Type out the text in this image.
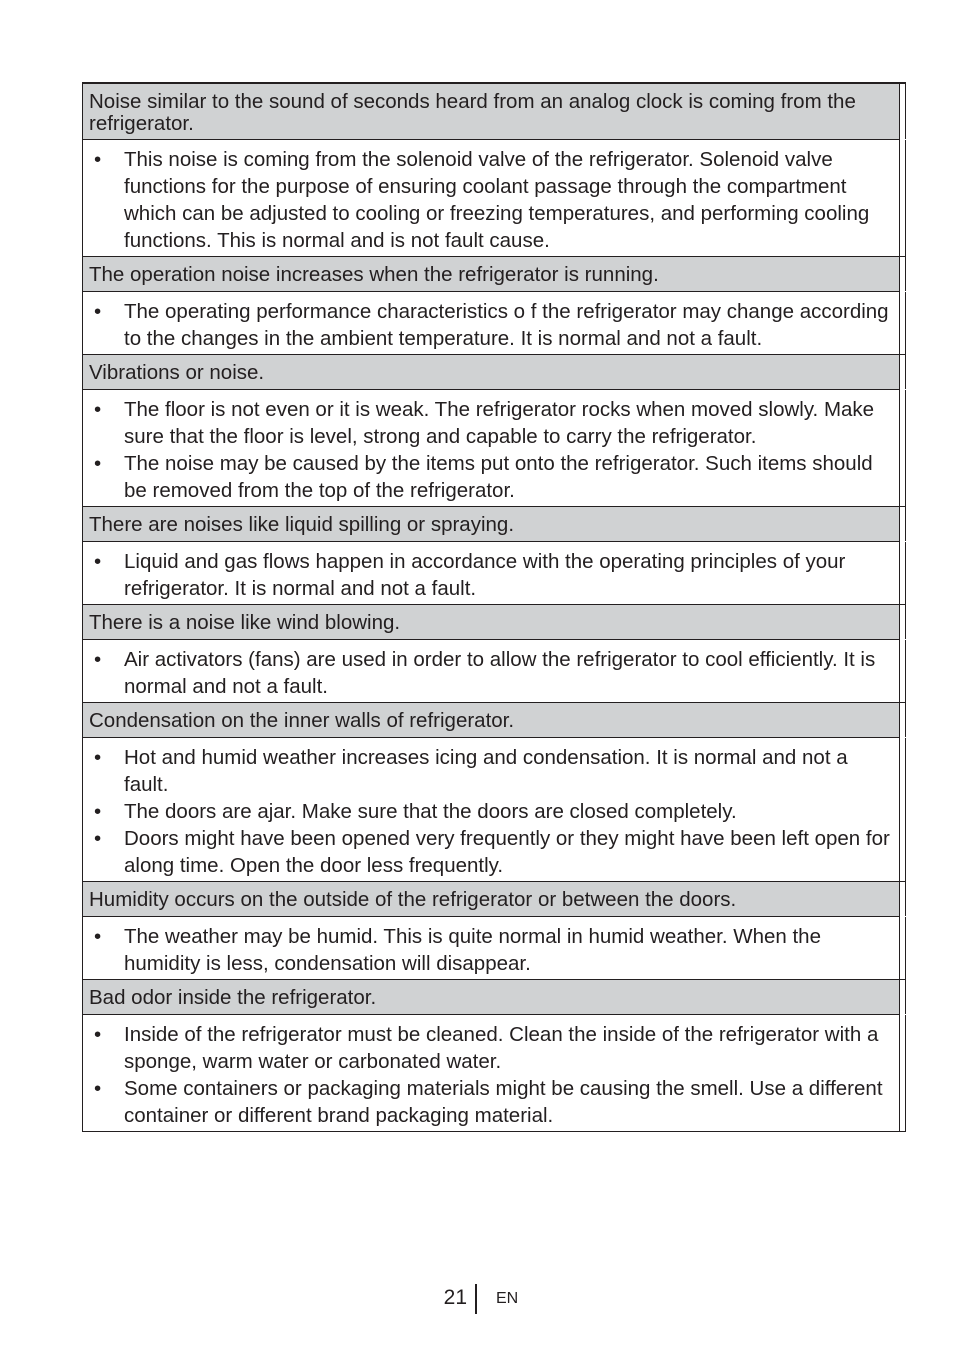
Noise similar to the sound of seconds heard from an analog clock is coming from the refrigerator.
• This noise is coming from the solenoid valve of the refrigerator. Solenoid valve functions for the purpose of ensuring coolant passage through the compartment which can be adjusted to cooling or freezing temperatures, and performing cooling functions. This is normal and is not fault cause.
The operation noise increases when the refrigerator is running.
• The operating performance characteristics o f the refrigerator may change according to the changes in the ambient temperature. It is normal and not a fault.
Vibrations or noise.
• The floor is not even or it is weak. The refrigerator rocks when moved slowly. Make sure that the floor is level, strong and capable to carry the refrigerator.
• The noise may be caused by the items put onto the refrigerator. Such items should be removed from the top of the refrigerator.
There are noises like liquid spilling or spraying.
• Liquid and gas flows happen in accordance with the operating principles of your refrigerator. It is normal and not a fault.
There is a noise like wind blowing.
• Air activators (fans) are used in order to allow the refrigerator to cool efficiently. It is normal and not a fault.
Condensation on the inner walls of refrigerator.
• Hot and humid weather increases icing and condensation. It is normal and not a fault.
• The doors are ajar. Make sure that the doors are closed completely.
• Doors might have been opened very frequently or they might have been left open for along time. Open the door less frequently.
Humidity occurs on the outside of the refrigerator or between the doors.
• The weather may be humid. This is quite normal in humid weather. When the humidity is less, condensation will disappear.
Bad odor inside the refrigerator.
• Inside of the refrigerator must be cleaned. Clean the inside of the refrigerator with a sponge, warm water or carbonated water.
• Some containers or packaging materials might be causing the smell. Use a different container or different brand packaging material.
21 EN
